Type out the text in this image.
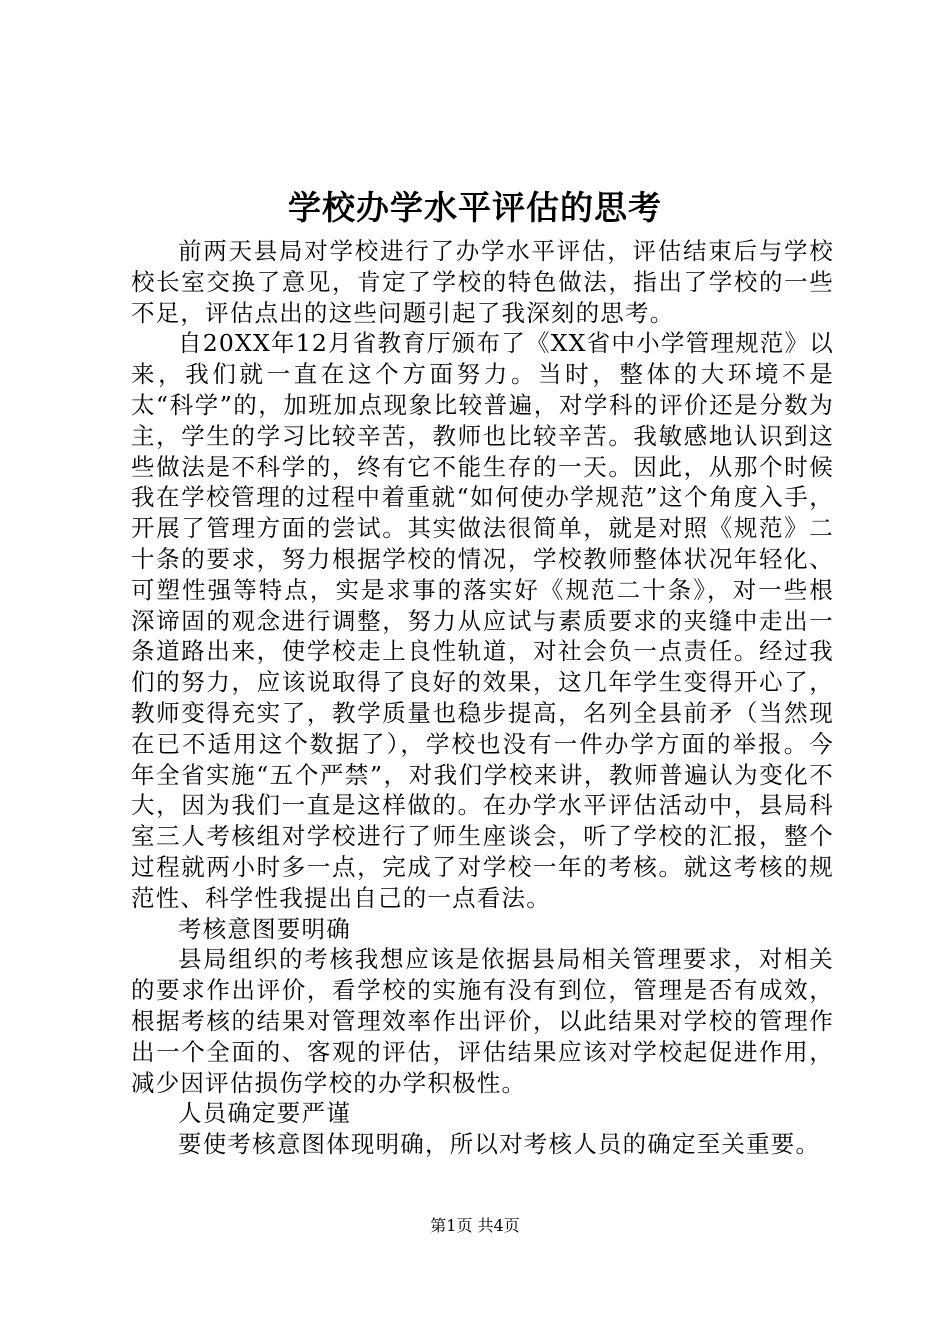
学校办学水平评估的思考

前两天县局对学校进行了办学水平评估，评估结束后与学校校长室交换了意见，肯定了学校的特色做法，指出了学校的一些不足，评估点出的这些问题引起了我深刻的思考。

自20XX年12月省教育厅颁布了《XX省中小学管理规范》以来，我们就一直在这个方面努力。当时，整体的大环境不是太“科学”的，加班加点现象比较普遍，对学科的评价还是分数为主，学生的学习比较辛苦，教师也比较辛苦。我敏感地认识到这些做法是不科学的，终有它不能生存的一天。因此，从那个时候我在学校管理的过程中着重就“如何使办学规范”这个角度入手，开展了管理方面的尝试。其实做法很简单，就是对照《规范》二十条的要求，努力根据学校的情况，学校教师整体状况年轻化、可塑性强等特点，实是求事的落实好《规范二十条》，对一些根深谛固的观念进行调整，努力从应试与素质要求的夹缝中走出一条道路出来，使学校走上良性轨道，对社会负一点责任。经过我们的努力，应该说取得了良好的效果，这几年学生变得开心了，教师变得充实了，教学质量也稳步提高，名列全县前矛（当然现在已不适用这个数据了），学校也没有一件办学方面的举报。今年全省实施“五个严禁”，对我们学校来讲，教师普遍认为变化不大，因为我们一直是这样做的。在办学水平评估活动中，县局科室三人考核组对学校进行了师生座谈会，听了学校的汇报，整个过程就两小时多一点，完成了对学校一年的考核。就这考核的规范性、科学性我提出自己的一点看法。

考核意图要明确

县局组织的考核我想应该是依据县局相关管理要求，对相关的要求作出评价，看学校的实施有没有到位，管理是否有成效，根据考核的结果对管理效率作出评价，以此结果对学校的管理作出一个全面的、客观的评估，评估结果应该对学校起促进作用，减少因评估损伤学校的办学积极性。

人员确定要严谨

要使考核意图体现明确，所以对考核人员的确定至关重要。

第1页 共4页
